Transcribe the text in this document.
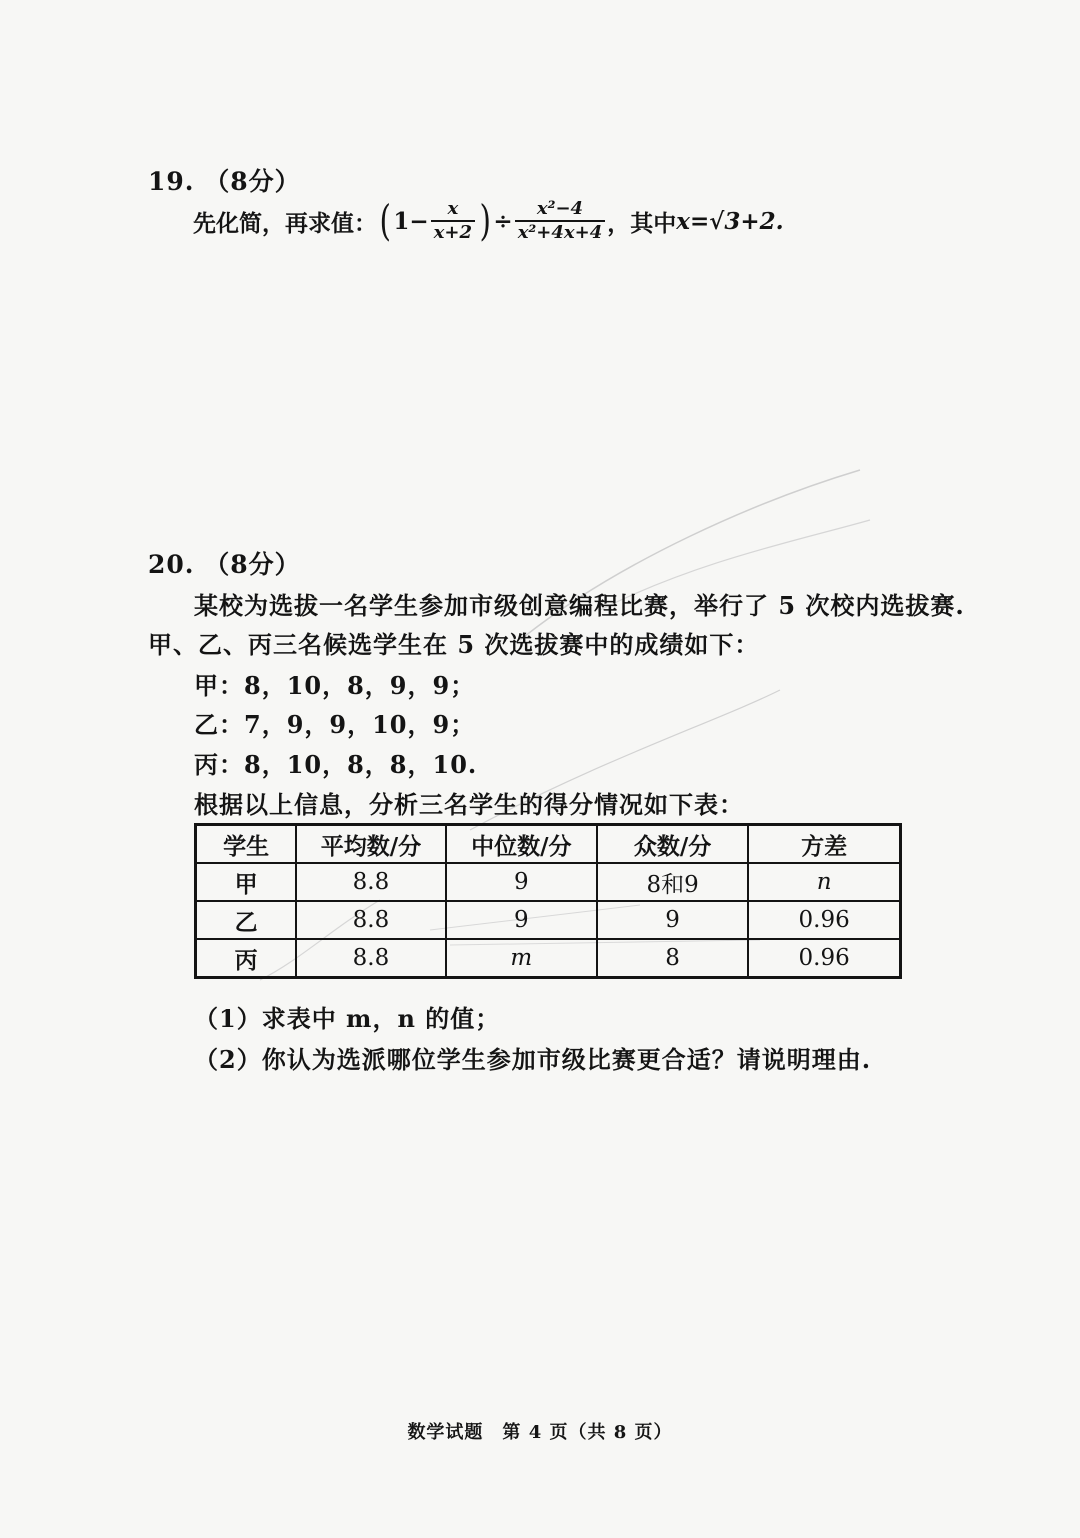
19. （8分）
先化简，再求值： ( $1- \frac{x}{x+2}$ ) ÷ $\frac{\text{x²−4}}{\text{x²+4x+4}}$ ，其中 x=√3+2.
20. （8分）
某校为选拔一名学生参加市级创意编程比赛，举行了 5 次校内选拔赛.
甲、乙、丙三名候选学生在 5 次选拔赛中的成绩如下：
甲：8，10，8，9，9；
乙：7，9，9，10，9；
丙：8，10，8，8，10.
根据以上信息，分析三名学生的得分情况如下表：
学生	平均数/分	中位数/分	众数/分	方差
甲	8.8	9	8和9	n
乙	8.8	9	9	0.96
丙	8.8	m	8	0.96
（1）求表中 m，n 的值；
（2）你认为选派哪位学生参加市级比赛更合适？请说明理由.
数学试题　第 4 页（共 8 页）
